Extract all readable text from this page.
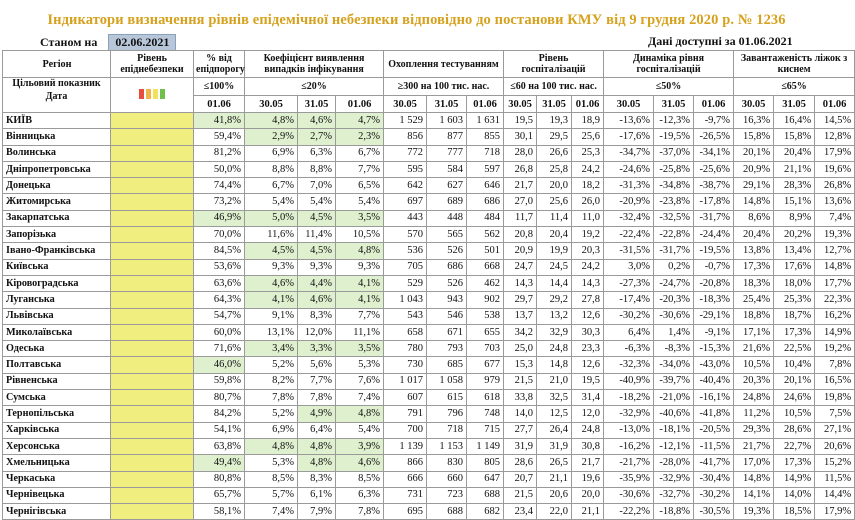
Індикатори визначення рівнів епідемічної небезпеки відповідно до постанови КМУ від 9 грудня 2020 р. № 1236
Станом на 02.06.2021	Дані доступні за 01.06.2021
Регіон	Рівень епіднебезпеки	% від епідпорогу	Коефіцієнт виявлення випадків інфікування			Охоплення тестуванням			Рівень госпіталізацій			Динаміка рівня госпіталізацій			Завантаженість ліжок з киснем		
Цільовий показник
Дата		≤100%	≤20%			≥300 на 100 тис. нас.			≤60 на 100 тис. нас.			≤50%			≤65%		
		01.06	30.05	31.05	01.06	30.05	31.05	01.06	30.05	31.05	01.06	30.05	31.05	01.06	30.05	31.05	01.06
КИЇВ		41,8%	4,8%	4,6%	4,7%	1 529	1 603	1 631	19,5	19,3	18,9	-13,6%	-12,3%	-9,7%	16,3%	16,4%	14,5%
Вінницька		59,4%	2,9%	2,7%	2,3%	856	877	855	30,1	29,5	25,6	-17,6%	-19,5%	-26,5%	15,8%	15,8%	12,8%
Волинська		81,2%	6,9%	6,3%	6,7%	772	777	718	28,0	26,6	25,3	-34,7%	-37,0%	-34,1%	20,1%	20,4%	17,9%
Дніпропетровська		50,0%	8,8%	8,8%	7,7%	595	584	597	26,8	25,8	24,2	-24,6%	-25,8%	-25,6%	20,9%	21,1%	19,6%
Донецька		74,4%	6,7%	7,0%	6,5%	642	627	646	21,7	20,0	18,2	-31,3%	-34,8%	-38,7%	29,1%	28,3%	26,8%
Житомирська		73,2%	5,4%	5,4%	5,4%	697	689	686	27,0	25,6	26,0	-20,9%	-23,8%	-17,8%	14,8%	15,1%	13,6%
Закарпатська		46,9%	5,0%	4,5%	3,5%	443	448	484	11,7	11,4	11,0	-32,4%	-32,5%	-31,7%	8,6%	8,9%	7,4%
Запорізька		70,0%	11,6%	11,4%	10,5%	570	565	562	20,8	20,4	19,2	-22,4%	-22,8%	-24,4%	20,4%	20,2%	19,3%
Івано-Франківська		84,5%	4,5%	4,5%	4,8%	536	526	501	20,9	19,9	20,3	-31,5%	-31,7%	-19,5%	13,8%	13,4%	12,7%
Київська		53,6%	9,3%	9,3%	9,3%	705	686	668	24,7	24,5	24,2	3,0%	0,2%	-0,7%	17,3%	17,6%	14,8%
Кіровоградська		63,6%	4,6%	4,4%	4,1%	529	526	462	14,3	14,4	14,3	-27,3%	-24,7%	-20,8%	18,3%	18,0%	17,7%
Луганська		64,3%	4,1%	4,6%	4,1%	1 043	943	902	29,7	29,2	27,8	-17,4%	-20,3%	-18,3%	25,4%	25,3%	22,3%
Львівська		54,7%	9,1%	8,3%	7,7%	543	546	538	13,7	13,2	12,6	-30,2%	-30,6%	-29,1%	18,8%	18,7%	16,2%
Миколаївська		60,0%	13,1%	12,0%	11,1%	658	671	655	34,2	32,9	30,3	6,4%	1,4%	-9,1%	17,1%	17,3%	14,9%
Одеська		71,6%	3,4%	3,3%	3,5%	780	793	703	25,0	24,8	23,3	-6,3%	-8,3%	-15,3%	21,6%	22,5%	19,2%
Полтавська		46,0%	5,2%	5,6%	5,3%	730	685	677	15,3	14,8	12,6	-32,3%	-34,0%	-43,0%	10,5%	10,4%	7,8%
Рівненська		59,8%	8,2%	7,7%	7,6%	1 017	1 058	979	21,5	21,0	19,5	-40,9%	-39,7%	-40,4%	20,3%	20,1%	16,5%
Сумська		80,7%	7,8%	7,8%	7,4%	607	615	618	33,8	32,5	31,4	-18,2%	-21,0%	-16,1%	24,8%	24,6%	19,8%
Тернопільська		84,2%	5,2%	4,9%	4,8%	791	796	748	14,0	12,5	12,0	-32,9%	-40,6%	-41,8%	11,2%	10,5%	7,5%
Харківська		54,1%	6,9%	6,4%	5,4%	700	718	715	27,7	26,4	24,8	-13,0%	-18,1%	-20,5%	29,3%	28,6%	27,1%
Херсонська		63,8%	4,8%	4,8%	3,9%	1 139	1 153	1 149	31,9	31,9	30,8	-16,2%	-12,1%	-11,5%	21,7%	22,7%	20,6%
Хмельницька		49,4%	5,3%	4,8%	4,6%	866	830	805	28,6	26,5	21,7	-21,7%	-28,0%	-41,7%	17,0%	17,3%	15,2%
Черкаська		80,8%	8,5%	8,3%	8,5%	666	660	647	20,7	21,1	19,6	-35,9%	-32,9%	-30,4%	14,8%	14,9%	11,5%
Чернівецька		65,7%	5,7%	6,1%	6,3%	731	723	688	21,5	20,6	20,0	-30,6%	-32,7%	-30,2%	14,1%	14,0%	14,4%
Чернігівська		58,1%	7,4%	7,9%	7,8%	695	688	682	23,4	22,0	21,1	-22,2%	-18,8%	-30,5%	19,3%	18,5%	17,9%
